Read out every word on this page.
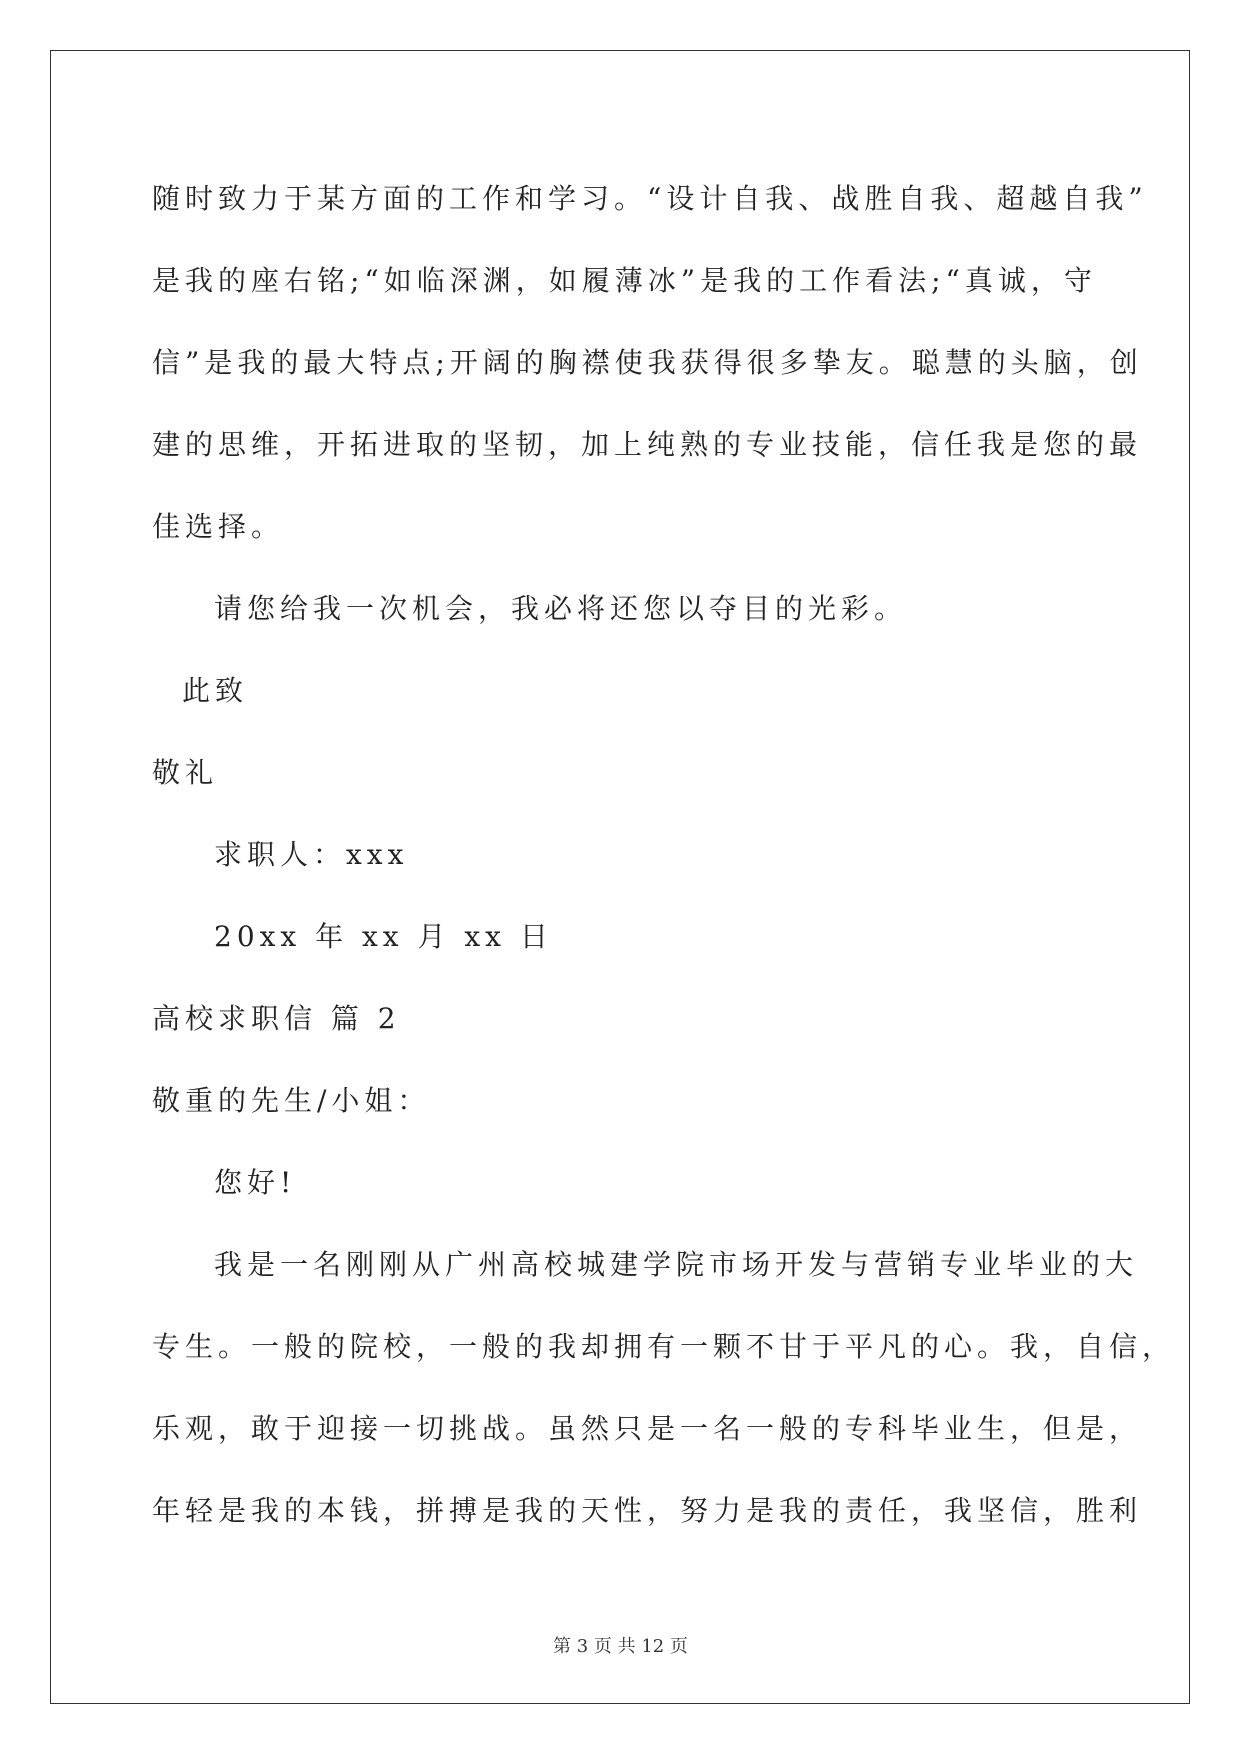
随时致力于某方面的工作和学习。“设计自我、战胜自我、超越自我”
是我的座右铭;“如临深渊，如履薄冰”是我的工作看法;“真诚，守
信”是我的最大特点;开阔的胸襟使我获得很多挚友。聪慧的头脑，创
建的思维，开拓进取的坚韧，加上纯熟的专业技能，信任我是您的最
佳选择。
请您给我一次机会，我必将还您以夺目的光彩。
此致
敬礼
求职人：xxx
20xx 年 xx 月 xx 日
高校求职信 篇 2
敬重的先生/小姐：
您好!
我是一名刚刚从广州高校城建学院市场开发与营销专业毕业的大
专生。一般的院校，一般的我却拥有一颗不甘于平凡的心。我，自信，
乐观，敢于迎接一切挑战。虽然只是一名一般的专科毕业生，但是，
年轻是我的本钱，拼搏是我的天性，努力是我的责任，我坚信，胜利
第 3 页 共 12 页
